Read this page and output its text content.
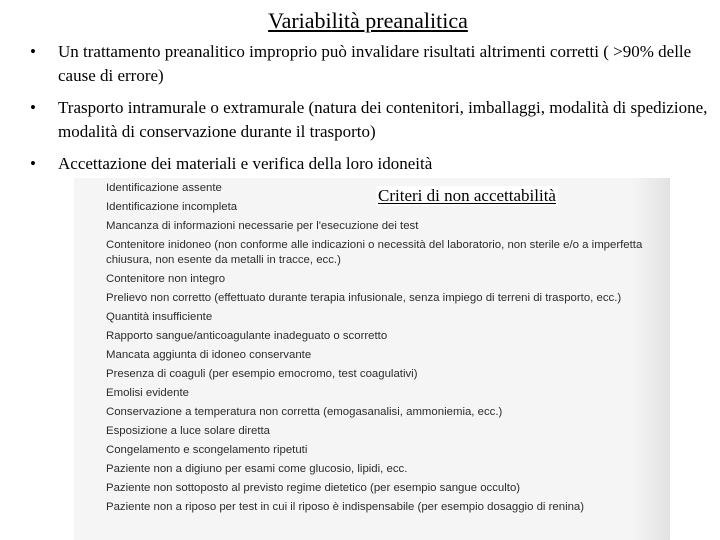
Variabilità preanalitica
• Un trattamento preanalitico improprio può invalidare risultati altrimenti corretti ( >90% delle cause di errore)
• Trasporto intramurale o extramurale (natura dei contenitori, imballaggi, modalità di spedizione, modalità di conservazione durante il trasporto)
• Accettazione dei materiali e verifica della loro idoneità
Identificazione assente
Identificazione incompleta
Mancanza di informazioni necessarie per l'esecuzione dei test
Contenitore inidoneo (non conforme alle indicazioni o necessità del laboratorio, non sterile e/o a imperfetta chiusura, non esente da metalli in tracce, ecc.)
Contenitore non integro
Prelievo non corretto (effettuato durante terapia infusionale, senza impiego di terreni di trasporto, ecc.)
Quantità insufficiente
Rapporto sangue/anticoagulante inadeguato o scorretto
Mancata aggiunta di idoneo conservante
Presenza di coaguli (per esempio emocromo, test coagulativi)
Emolisi evidente
Conservazione a temperatura non corretta (emogasanalisi, ammoniemia, ecc.)
Esposizione a luce solare diretta
Congelamento e scongelamento ripetuti
Paziente non a digiuno per esami come glucosio, lipidi, ecc.
Paziente non sottoposto al previsto regime dietetico (per esempio sangue occulto)
Paziente non a riposo per test in cui il riposo è indispensabile (per esempio dosaggio di renina)
Criteri di non accettabilità
